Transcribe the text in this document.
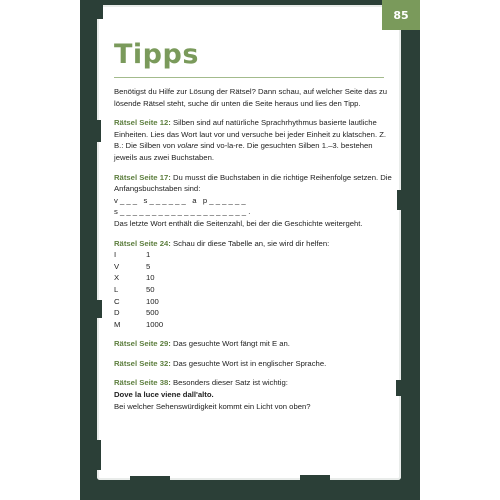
85
Tipps

Benötigst du Hilfe zur Lösung der Rätsel? Dann schau, auf welcher Seite das zu lösende Rätsel steht, suche dir unten die Seite heraus und lies den Tipp.

Rätsel Seite 12: Silben sind auf natürliche Sprachrhythmus basierte lautliche Einheiten. Lies das Wort laut vor und versuche bei jeder Einheit zu klatschen. Z. B.: Die Silben von volare sind vo-la-re. Die gesuchten Silben 1.–3. bestehen jeweils aus zwei Buchstaben.

Rätsel Seite 17: Du musst die Buchstaben in die richtige Reihenfolge setzen. Die Anfangsbuchstaben sind:
v _ _ _   s _ _ _ _ _ _   a   p _ _ _ _ _ _
s _ _ _ _ _ _ _ _ _ _ _ _ _ _ _ _ _ _ _ _ .
Das letzte Wort enthält die Seitenzahl, bei der die Geschichte weitergeht.

Rätsel Seite 24: Schau dir diese Tabelle an, sie wird dir helfen:

I	1
V	5
X	10
L	50
C	100
D	500
M	1000

Rätsel Seite 29: Das gesuchte Wort fängt mit E an.

Rätsel Seite 32: Das gesuchte Wort ist in englischer Sprache.

Rätsel Seite 38: Besonders dieser Satz ist wichtig:
Dove la luce viene dall'alto.
Bei welcher Sehenswürdigkeit kommt ein Licht von oben?
